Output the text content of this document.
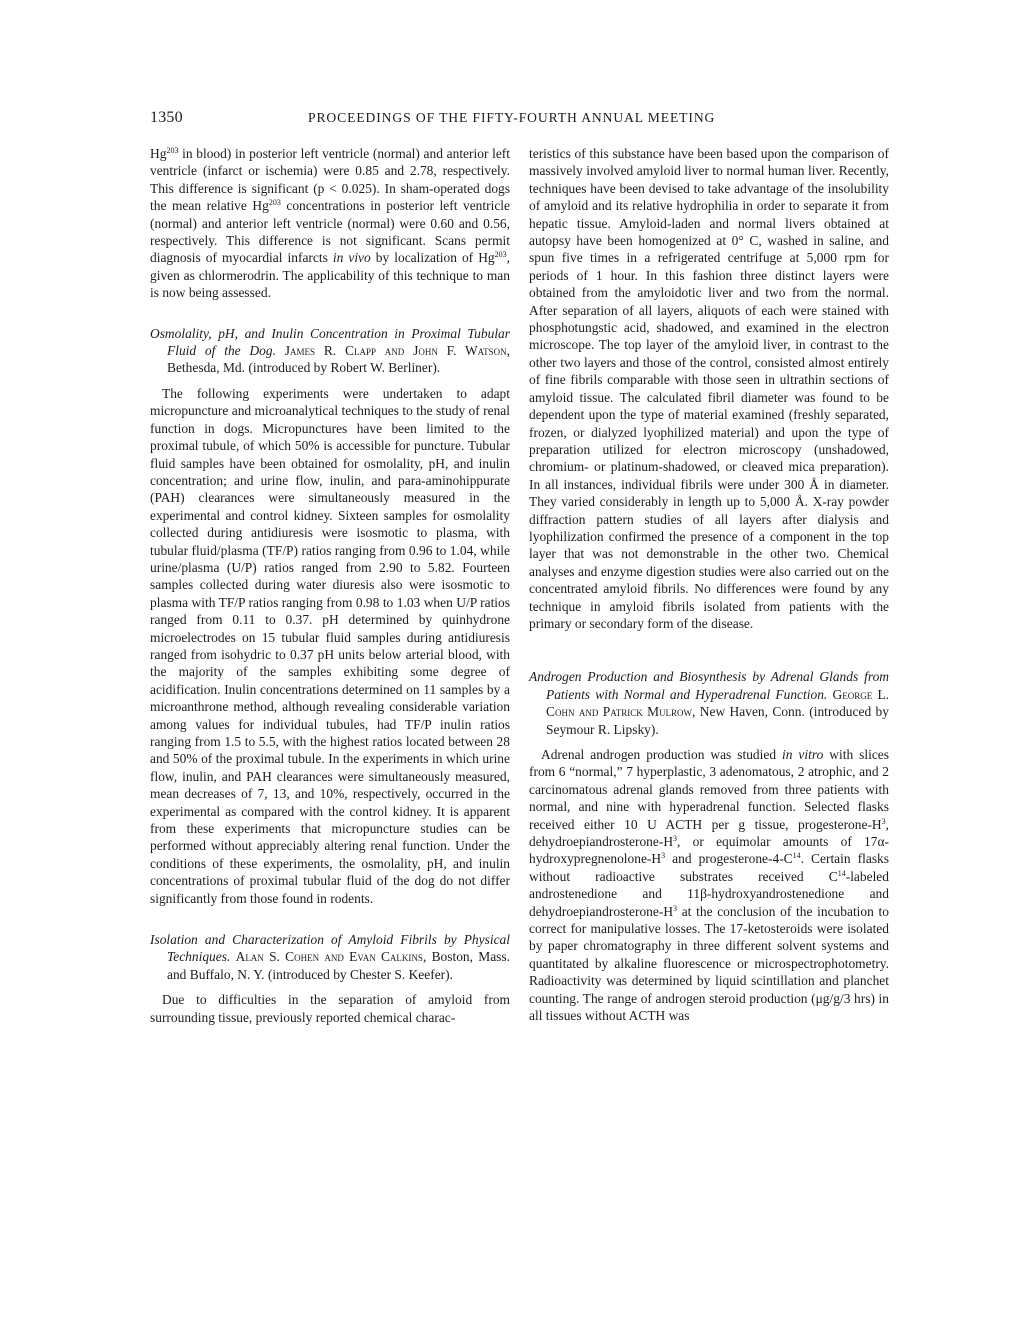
1350	PROCEEDINGS OF THE FIFTY-FOURTH ANNUAL MEETING

Hg$^{203}$ in blood) in posterior left ventricle (normal) and anterior left ventricle (infarct or ischemia) were 0.85 and 2.78, respectively. This difference is significant (p < 0.025). In sham-operated dogs the mean relative Hg$^{203}$ concentrations in posterior left ventricle (normal) and anterior left ventricle (normal) were 0.60 and 0.56, respectively. This difference is not significant. Scans permit diagnosis of myocardial infarcts in vivo by localization of Hg$^{203}$, given as chlormerodrin. The applicability of this technique to man is now being assessed.

Osmolality, pH, and Inulin Concentration in Proximal Tubular Fluid of the Dog. James R. Clapp and John F. Watson, Bethesda, Md. (introduced by Robert W. Berliner).

The following experiments were undertaken to adapt micropuncture and microanalytical techniques to the study of renal function in dogs. Micropunctures have been limited to the proximal tubule, of which 50% is accessible for puncture. Tubular fluid samples have been obtained for osmolality, pH, and inulin concentration; and urine flow, inulin, and para-aminohippurate (PAH) clearances were simultaneously measured in the experimental and control kidney. Sixteen samples for osmolality collected during antidiuresis were isosmotic to plasma, with tubular fluid/plasma (TF/P) ratios ranging from 0.96 to 1.04, while urine/plasma (U/P) ratios ranged from 2.90 to 5.82. Fourteen samples collected during water diuresis also were isosmotic to plasma with TF/P ratios ranging from 0.98 to 1.03 when U/P ratios ranged from 0.11 to 0.37. pH determined by quinhydrone microelectrodes on 15 tubular fluid samples during antidiuresis ranged from isohydric to 0.37 pH units below arterial blood, with the majority of the samples exhibiting some degree of acidification. Inulin concentrations determined on 11 samples by a microanthrone method, although revealing considerable variation among values for individual tubules, had TF/P inulin ratios ranging from 1.5 to 5.5, with the highest ratios located between 28 and 50% of the proximal tubule. In the experiments in which urine flow, inulin, and PAH clearances were simultaneously measured, mean decreases of 7, 13, and 10%, respectively, occurred in the experimental as compared with the control kidney. It is apparent from these experiments that micropuncture studies can be performed without appreciably altering renal function. Under the conditions of these experiments, the osmolality, pH, and inulin concentrations of proximal tubular fluid of the dog do not differ significantly from those found in rodents.

Isolation and Characterization of Amyloid Fibrils by Physical Techniques. Alan S. Cohen and Evan Calkins, Boston, Mass. and Buffalo, N. Y. (introduced by Chester S. Keefer).

Due to difficulties in the separation of amyloid from surrounding tissue, previously reported chemical charac-

teristics of this substance have been based upon the comparison of massively involved amyloid liver to normal human liver. Recently, techniques have been devised to take advantage of the insolubility of amyloid and its relative hydrophilia in order to separate it from hepatic tissue. Amyloid-laden and normal livers obtained at autopsy have been homogenized at 0° C, washed in saline, and spun five times in a refrigerated centrifuge at 5,000 rpm for periods of 1 hour. In this fashion three distinct layers were obtained from the amyloidotic liver and two from the normal. After separation of all layers, aliquots of each were stained with phosphotungstic acid, shadowed, and examined in the electron microscope. The top layer of the amyloid liver, in contrast to the other two layers and those of the control, consisted almost entirely of fine fibrils comparable with those seen in ultrathin sections of amyloid tissue. The calculated fibril diameter was found to be dependent upon the type of material examined (freshly separated, frozen, or dialyzed lyophilized material) and upon the type of preparation utilized for electron microscopy (unshadowed, chromium- or platinum-shadowed, or cleaved mica preparation). In all instances, individual fibrils were under 300 Å in diameter. They varied considerably in length up to 5,000 Å. X-ray powder diffraction pattern studies of all layers after dialysis and lyophilization confirmed the presence of a component in the top layer that was not demonstrable in the other two. Chemical analyses and enzyme digestion studies were also carried out on the concentrated amyloid fibrils. No differences were found by any technique in amyloid fibrils isolated from patients with the primary or secondary form of the disease.

Androgen Production and Biosynthesis by Adrenal Glands from Patients with Normal and Hyperadrenal Function. George L. Cohn and Patrick Mulrow, New Haven, Conn. (introduced by Seymour R. Lipsky).

Adrenal androgen production was studied in vitro with slices from 6 “normal,” 7 hyperplastic, 3 adenomatous, 2 atrophic, and 2 carcinomatous adrenal glands removed from three patients with normal, and nine with hyperadrenal function. Selected flasks received either 10 U ACTH per g tissue, progesterone-$H^3$, dehydroepiandrosterone-$H^3$, or equimolar amounts of $17\alpha-hydroxypregnenolone-H^3$ and progesterone-$4-C^{14}$. Certain flasks without radioactive substrates received $C^{14}$-labeled androstenedione and 11β-hydroxyandrostenedione and dehydroepiandrosterone-$H^3$ at the conclusion of the incubation to correct for manipulative losses. The 17-ketosteroids were isolated by paper chromatography in three different solvent systems and quantitated by alkaline fluorescence or microspectrophotometry. Radioactivity was determined by liquid scintillation and planchet counting. The range of androgen steroid production (μg/g/3 hrs) in all tissues without ACTH was
